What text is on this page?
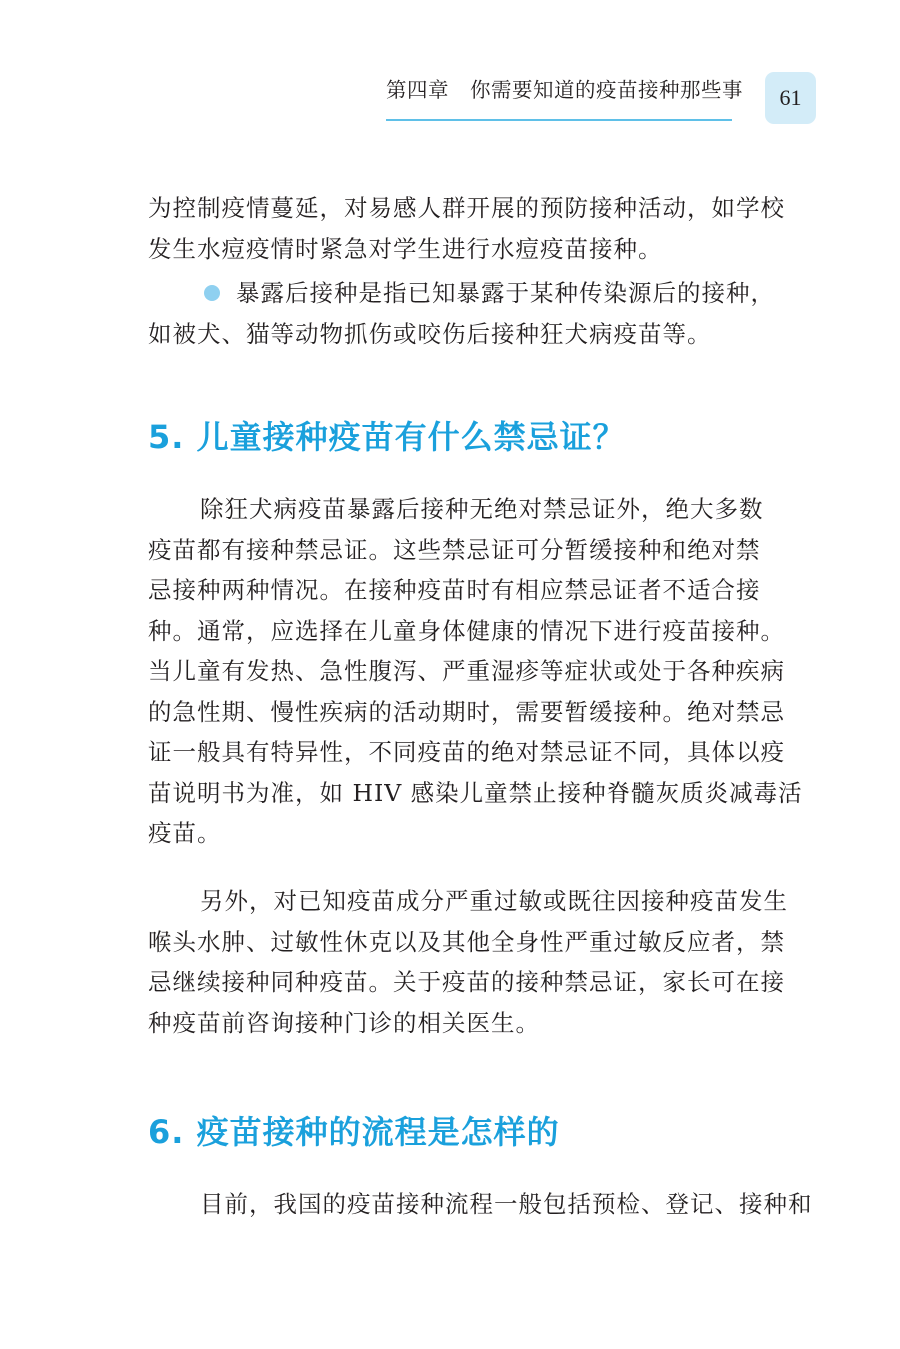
第四章　你需要知道的疫苗接种那些事	61

为控制疫情蔓延，对易感人群开展的预防接种活动，如学校
发生水痘疫情时紧急对学生进行水痘疫苗接种。

暴露后接种是指已知暴露于某种传染源后的接种，
如被犬、猫等动物抓伤或咬伤后接种狂犬病疫苗等。

5. 儿童接种疫苗有什么禁忌证？

除狂犬病疫苗暴露后接种无绝对禁忌证外，绝大多数
疫苗都有接种禁忌证。这些禁忌证可分暂缓接种和绝对禁
忌接种两种情况。在接种疫苗时有相应禁忌证者不适合接
种。通常，应选择在儿童身体健康的情况下进行疫苗接种。
当儿童有发热、急性腹泻、严重湿疹等症状或处于各种疾病
的急性期、慢性疾病的活动期时，需要暂缓接种。绝对禁忌
证一般具有特异性，不同疫苗的绝对禁忌证不同，具体以疫
苗说明书为准，如 HIV 感染儿童禁止接种脊髓灰质炎减毒活
疫苗。

另外，对已知疫苗成分严重过敏或既往因接种疫苗发生
喉头水肿、过敏性休克以及其他全身性严重过敏反应者，禁
忌继续接种同种疫苗。关于疫苗的接种禁忌证，家长可在接
种疫苗前咨询接种门诊的相关医生。

6. 疫苗接种的流程是怎样的

目前，我国的疫苗接种流程一般包括预检、登记、接种和
